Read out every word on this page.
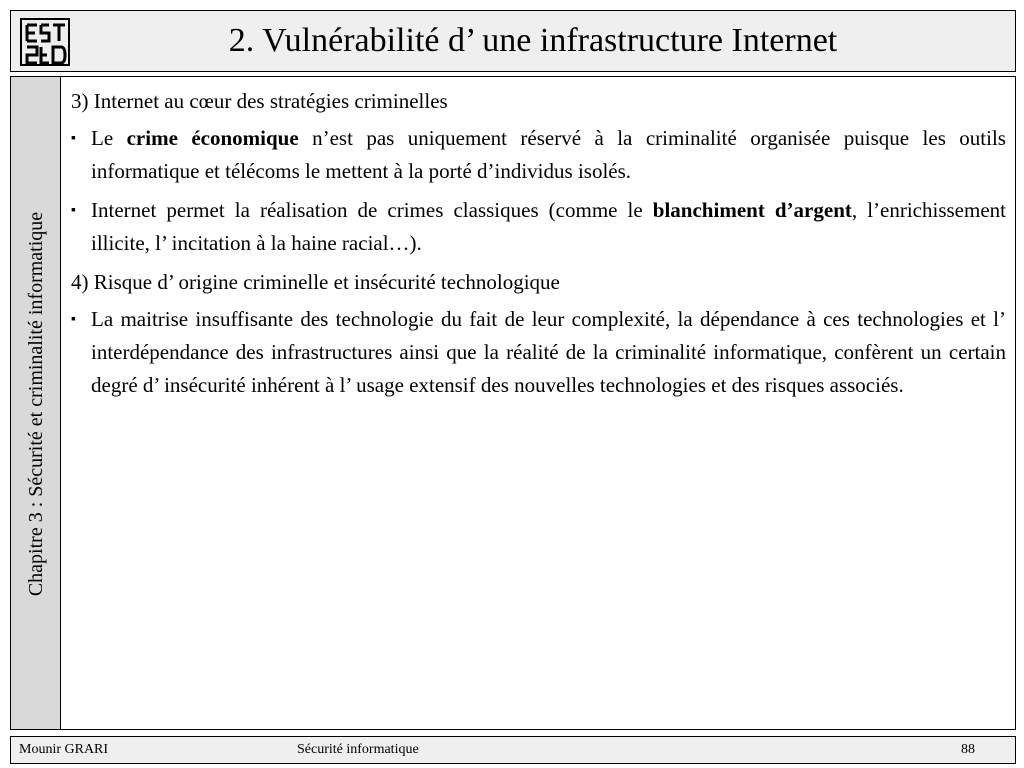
2. Vulnérabilité d’ une infrastructure Internet
Chapitre 3 : Sécurité et criminalité informatique
3) Internet au cœur des stratégies criminelles
▪ Le crime économique n’est pas uniquement réservé à la criminalité organisée puisque les outils informatique et télécoms le mettent à la porté d’individus isolés.
▪ Internet permet la réalisation de crimes classiques (comme le blanchiment d’argent, l’enrichissement illicite, l’ incitation à la haine racial…).
4) Risque d’ origine criminelle et insécurité technologique
▪ La maitrise insuffisante des technologie du fait de leur complexité, la dépendance à ces technologies et l’ interdépendance des infrastructures ainsi que la réalité de la criminalité informatique, confèrent un certain degré d’ insécurité inhérent à l’ usage extensif des nouvelles technologies et des risques associés.
Mounir GRARI	Sécurité informatique	88
